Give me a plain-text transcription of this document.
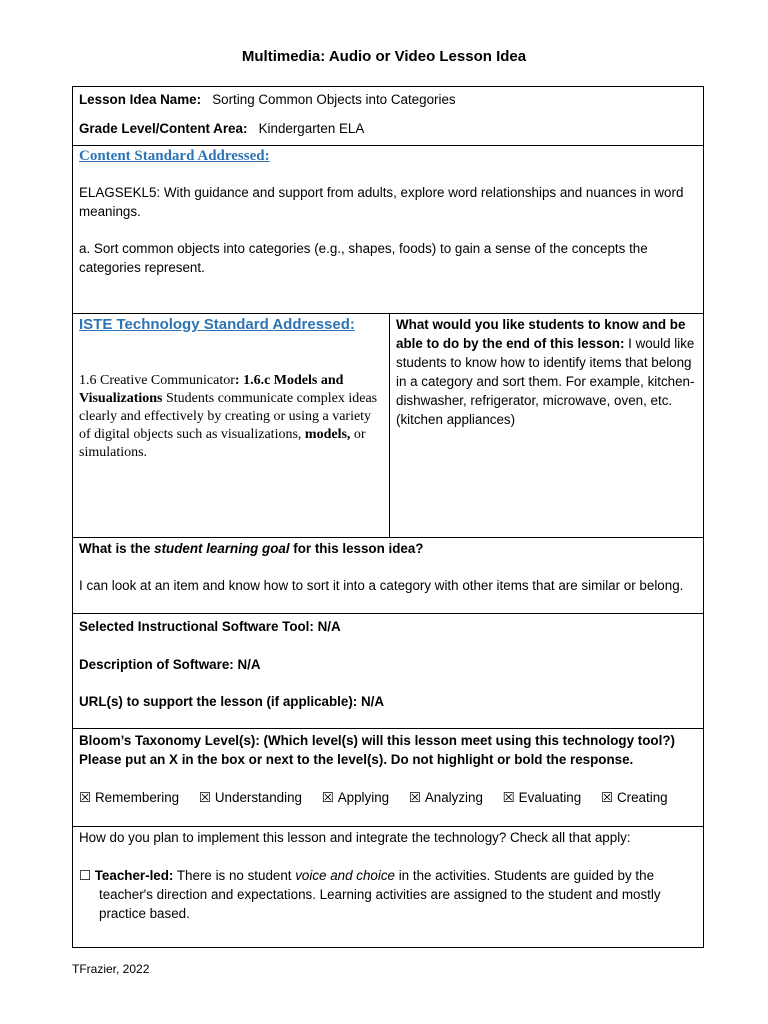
Multimedia: Audio or Video Lesson Idea
Lesson Idea Name: Sorting Common Objects into Categories
Grade Level/Content Area: Kindergarten ELA

Content Standard Addressed:

ELAGSEKL5: With guidance and support from adults, explore word relationships and nuances in word meanings.

a. Sort common objects into categories (e.g., shapes, foods) to gain a sense of the concepts the categories represent.

ISTE Technology Standard Addressed:
1.6 Creative Communicator: 1.6.c Models and Visualizations Students communicate complex ideas clearly and effectively by creating or using a variety of digital objects such as visualizations, models, or simulations.

What would you like students to know and be able to do by the end of this lesson: I would like students to know how to identify items that belong in a category and sort them. For example, kitchen- dishwasher, refrigerator, microwave, oven, etc. (kitchen appliances)

What is the student learning goal for this lesson idea?

I can look at an item and know how to sort it into a category with other items that are similar or belong.

Selected Instructional Software Tool: N/A
Description of Software: N/A
URL(s) to support the lesson (if applicable): N/A

Bloom’s Taxonomy Level(s): (Which level(s) will this lesson meet using this technology tool?)
Please put an X in the box or next to the level(s). Do not highlight or bold the response.
☒ Remembering ☒ Understanding ☒ Applying ☒ Analyzing ☒ Evaluating ☒ Creating

How do you plan to implement this lesson and integrate the technology? Check all that apply:
☐ Teacher-led: There is no student voice and choice in the activities. Students are guided by the teacher's direction and expectations. Learning activities are assigned to the student and mostly practice based.
TFrazier, 2022
